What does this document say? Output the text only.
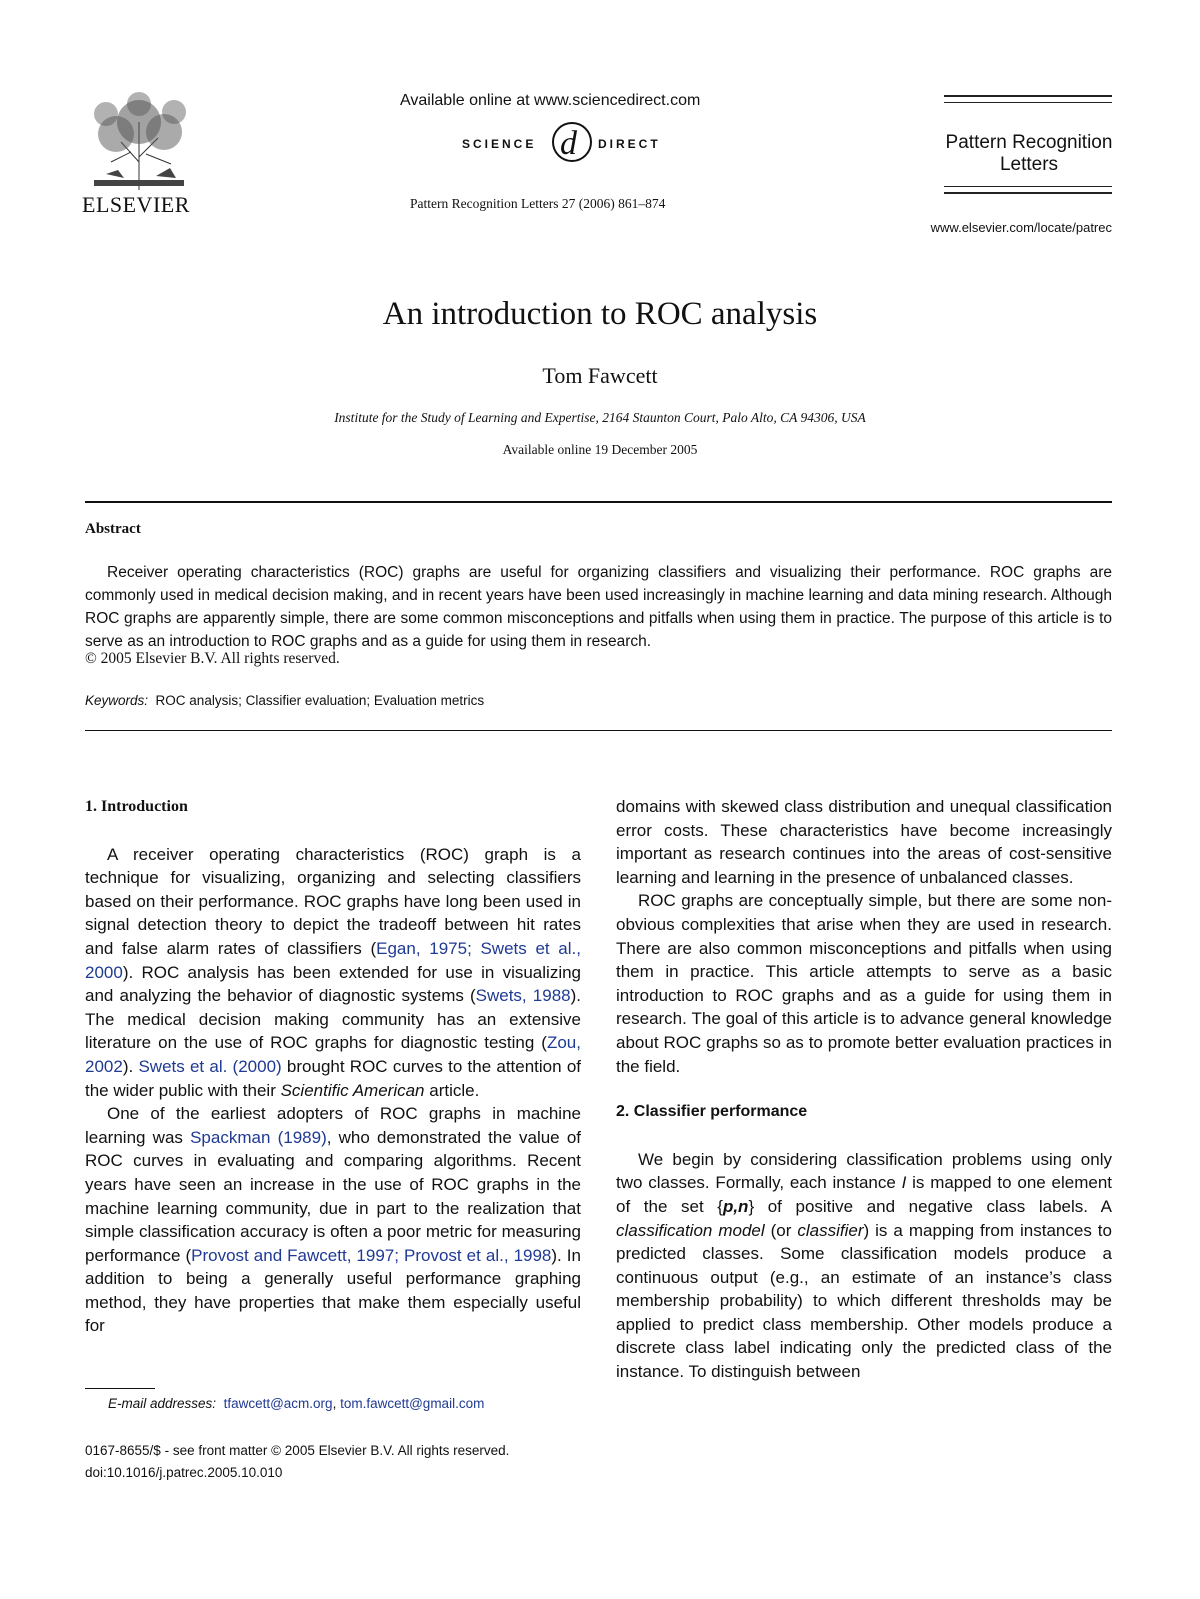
ELSEVIER
Available online at www.sciencedirect.com
SCIENCE d DIRECT
Pattern Recognition Letters 27 (2006) 861–874
Pattern Recognition Letters
www.elsevier.com/locate/patrec
An introduction to ROC analysis
Tom Fawcett
Institute for the Study of Learning and Expertise, 2164 Staunton Court, Palo Alto, CA 94306, USA
Available online 19 December 2005
Abstract

Receiver operating characteristics (ROC) graphs are useful for organizing classifiers and visualizing their performance. ROC graphs are commonly used in medical decision making, and in recent years have been used increasingly in machine learning and data mining research. Although ROC graphs are apparently simple, there are some common misconceptions and pitfalls when using them in practice. The purpose of this article is to serve as an introduction to ROC graphs and as a guide for using them in research.

© 2005 Elsevier B.V. All rights reserved.
Keywords: ROC analysis; Classifier evaluation; Evaluation metrics

1. Introduction

A receiver operating characteristics (ROC) graph is a technique for visualizing, organizing and selecting classifiers based on their performance. ROC graphs have long been used in signal detection theory to depict the tradeoff between hit rates and false alarm rates of classifiers (Egan, 1975; Swets et al., 2000). ROC analysis has been extended for use in visualizing and analyzing the behavior of diagnostic systems (Swets, 1988). The medical decision making community has an extensive literature on the use of ROC graphs for diagnostic testing (Zou, 2002). Swets et al. (2000) brought ROC curves to the attention of the wider public with their Scientific American article.

One of the earliest adopters of ROC graphs in machine learning was Spackman (1989), who demonstrated the value of ROC curves in evaluating and comparing algorithms. Recent years have seen an increase in the use of ROC graphs in the machine learning community, due in part to the realization that simple classification accuracy is often a poor metric for measuring performance (Provost and Fawcett, 1997; Provost et al., 1998). In addition to being a generally useful performance graphing method, they have properties that make them especially useful for

domains with skewed class distribution and unequal classification error costs. These characteristics have become increasingly important as research continues into the areas of cost-sensitive learning and learning in the presence of unbalanced classes.

ROC graphs are conceptually simple, but there are some non-obvious complexities that arise when they are used in research. There are also common misconceptions and pitfalls when using them in practice. This article attempts to serve as a basic introduction to ROC graphs and as a guide for using them in research. The goal of this article is to advance general knowledge about ROC graphs so as to promote better evaluation practices in the field.

2. Classifier performance

We begin by considering classification problems using only two classes. Formally, each instance I is mapped to one element of the set {p,n} of positive and negative class labels. A classification model (or classifier) is a mapping from instances to predicted classes. Some classification models produce a continuous output (e.g., an estimate of an instance’s class membership probability) to which different thresholds may be applied to predict class membership. Other models produce a discrete class label indicating only the predicted class of the instance. To distinguish between

E-mail addresses: tfawcett@acm.org, tom.fawcett@gmail.com
0167-8655/$ - see front matter © 2005 Elsevier B.V. All rights reserved.
doi:10.1016/j.patrec.2005.10.010
